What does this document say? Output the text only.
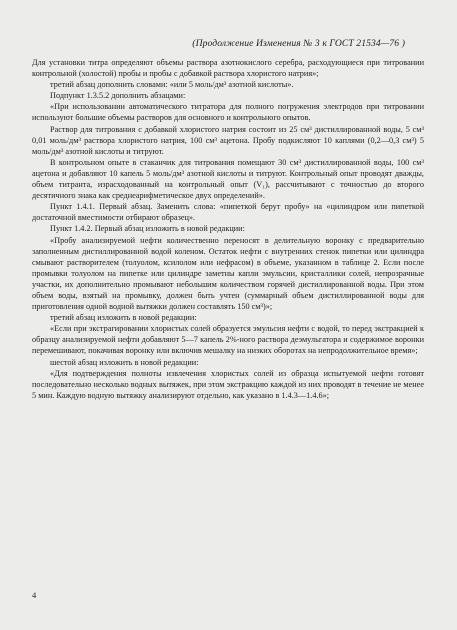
(Продолжение Изменения № 3 к ГОСТ 21534—76 )

Для установки титра определяют объемы раствора азотнокислого серебра, расходующиеся при титровании контрольной (холостой) пробы и пробы с добавкой раствора хлористого натрия»;

третий абзац дополнить словами: «или 5 моль/дм³ азотной кислоты».

Подпункт 1.3.5.2 дополнить абзацами:

«При использовании автоматического титратора для полного погружения электродов при титровании используют большие объемы растворов для основного и контрольного опытов.

Раствор для титрования с добавкой хлористого натрия состоит из 25 см³ дистиллированной воды, 5 см³ 0,01 моль/дм³ раствора хлористого натрия, 100 см³ ацетона. Пробу подкисляют 10 каплями (0,2—0,3 см³) 5 моль/дм³ азотной кислоты и титруют.

В контрольном опыте в стаканчик для титрования помещают 30 см³ дистиллированной воды, 100 см³ ацетона и добавляют 10 капель 5 моль/дм³ азотной кислоты и титруют. Контрольный опыт проводят дважды, объем титранта, израсходованный на контрольный опыт (V₁), рассчитывают с точностью до второго десятичного знака как среднеарифметическое двух определений».

Пункт 1.4.1. Первый абзац. Заменить слова: «пипеткой берут пробу» на «цилиндром или пипеткой достаточной вместимости отбирают образец».

Пункт 1.4.2. Первый абзац изложить в новой редакции:

«Пробу анализируемой нефти количественно переносят в делительную воронку с предварительно заполненным дистиллированной водой коленом. Остаток нефти с внутренних стенок пипетки или цилиндра смывают растворителем (толуолом, ксилолом или нефрасом) в объеме, указанном в таблице 2. Если после промывки толуолом на пипетке или цилиндре заметны капли эмульсии, кристаллики солей, непрозрачные участки, их дополнительно промывают небольшим количеством горячей дистиллированной воды. При этом объем воды, взятый на промывку, должен быть учтен (суммарный объем дистиллированной воды для приготовления одной водной вытяжки должен составлять 150 см³)»;

третий абзац изложить в новой редакции:

«Если при экстрагировании хлористых солей образуется эмульсия нефти с водой, то перед экстракцией к образцу анализируемой нефти добавляют 5—7 капель 2%-ного раствора деэмульгатора и содержимое воронки перемешивают, покачивая воронку или включив мешалку на низких оборотах на непродолжительное время»;

шестой абзац изложить в новой редакции:

«Для подтверждения полноты извлечения хлористых солей из образца испытуемой нефти готовят последовательно несколько водных вытяжек, при этом экстракцию каждой из них проводят в течение не менее 5 мин. Каждую водную вытяжку анализируют отдельно, как указано в 1.4.3—1.4.6»;

4
